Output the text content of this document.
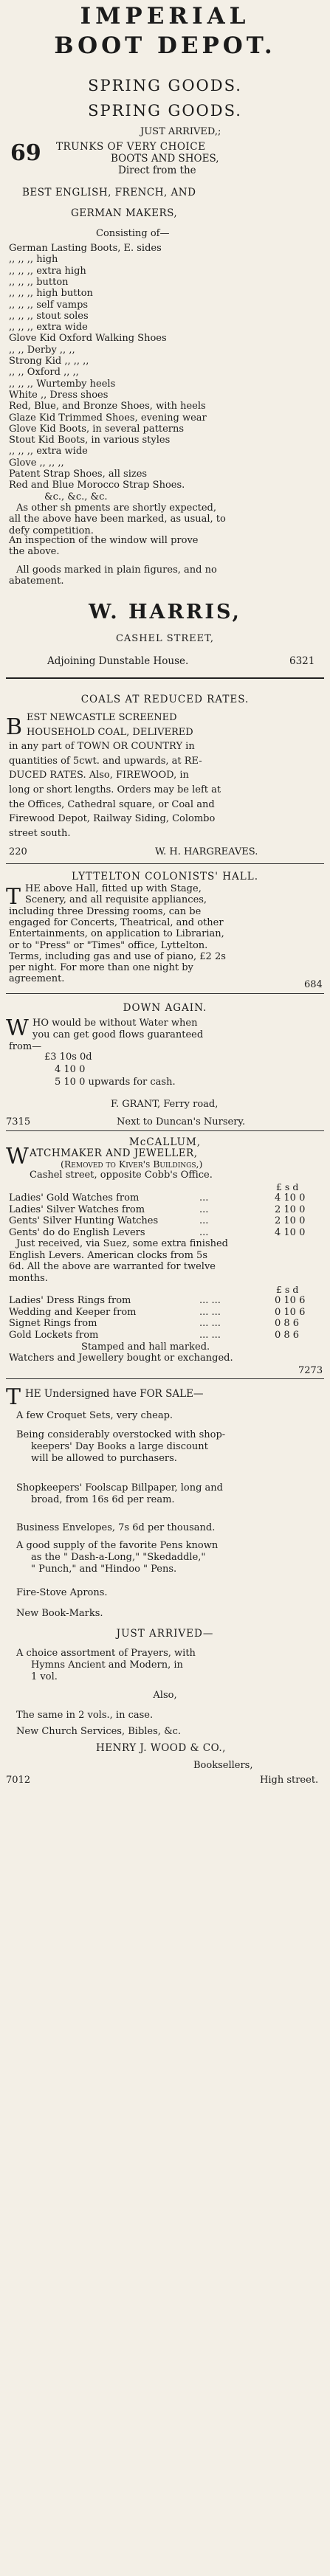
IMPERIAL
BOOT DEPOT.
SPRING GOODS.
SPRING GOODS.
JUST ARRIVED,;
69 TRUNKS OF VERY CHOICE
BOOTS AND SHOES,
Direct from the
BEST ENGLISH, FRENCH, AND
GERMAN MAKERS,
Consisting of—
German Lasting Boots, E. sides
,, ,, ,, high
,, ,, ,, extra high
,, ,, ,, button
,, ,, ,, high button
,, ,, ,, self vamps
,, ,, ,, stout soles
,, ,, ,, extra wide
Glove Kid Oxford Walking Shoes
,, ,, Derby ,, ,,
Strong Kid ,, ,, ,,
,, ,, Oxford ,, ,,
,, ,, ,, Wurtemby heels
White ,, Dress shoes
Red, Blue, and Bronze Shoes, with heels
Glaze Kid Trimmed Shoes, evening wear
Glove Kid Boots, in several patterns
Stout Kid Boots, in various styles
,, ,, ,, extra wide
Glove ,, ,, ,,
Patent Strap Shoes, all sizes
Red and Blue Morocco Strap Shoes.
&c., &c., &c.
As other sh pments are shortly expected,
all the above have been marked, as usual, to
defy competition.
An inspection of the window will prove
the above.
All goods marked in plain figures, and no
abatement.
W. HARRIS,
CASHEL STREET,
Adjoining Dunstable House.	6321
COALS AT REDUCED RATES.
B EST NEWCASTLE SCREENED
HOUSEHOLD COAL, DELIVERED
in any part of TOWN OR COUNTRY in
quantities of 5cwt. and upwards, at RE-
DUCED RATES. Also, FIREWOOD, in
long or short lengths. Orders may be left at
the Offices, Cathedral square, or Coal and
Firewood Depot, Railway Siding, Colombo
street south.
220	W. H. HARGREAVES.
LYTTELTON COLONISTS' HALL.
T HE above Hall, fitted up with Stage,
Scenery, and all requisite appliances,
including three Dressing rooms, can be
engaged for Concerts, Theatrical, and other
Entertainments, on application to Librarian,
or to "Press" or "Times" office, Lyttelton.
Terms, including gas and use of piano, £2 2s
per night. For more than one night by
agreement.
684
DOWN AGAIN.
W HO would be without Water when
you can get good flows guaranteed
from—
£3 10s 0d
4 10 0
5 10 0 upwards for cash.
F. GRANT, Ferry road,
7315	Next to Duncan's Nursery.
McCALLUM,
W ATCHMAKER AND JEWELLER,
(Removed to Kiver's Buildings,)
Cashel street, opposite Cobb's Office.
£ s d
Ladies' Gold Watches from	...	4 10 0
Ladies' Silver Watches from	...	2 10 0
Gents' Silver Hunting Watches	...	2 10 0
Gents' do do English Levers	...	4 10 0
Just received, via Suez, some extra finished
English Levers. American clocks from 5s
6d. All the above are warranted for twelve
months.
£ s d
Ladies' Dress Rings from	... ...	0 10 6
Wedding and Keeper from	... ...	0 10 6
Signet Rings from	... ...	0 8 6
Gold Lockets from	... ...	0 8 6
Stamped and hall marked.
Watchers and Jewellery bought or exchanged.
7273
T HE Undersigned have FOR SALE—
A few Croquet Sets, very cheap.
Being considerably overstocked with shop-
keepers' Day Books a large discount
will be allowed to purchasers.
Shopkeepers' Foolscap Billpaper, long and
broad, from 16s 6d per ream.
Business Envelopes, 7s 6d per thousand.
A good supply of the favorite Pens known
as the " Dash-a-Long," "Skedaddle,"
" Punch," and "Hindoo " Pens.
Fire-Stove Aprons.
New Book-Marks.
JUST ARRIVED—
A choice assortment of Prayers, with
Hymns Ancient and Modern, in
1 vol.
Also,
The same in 2 vols., in case.
New Church Services, Bibles, &c.
HENRY J. WOOD & CO.,
Booksellers,
7012	High street.
